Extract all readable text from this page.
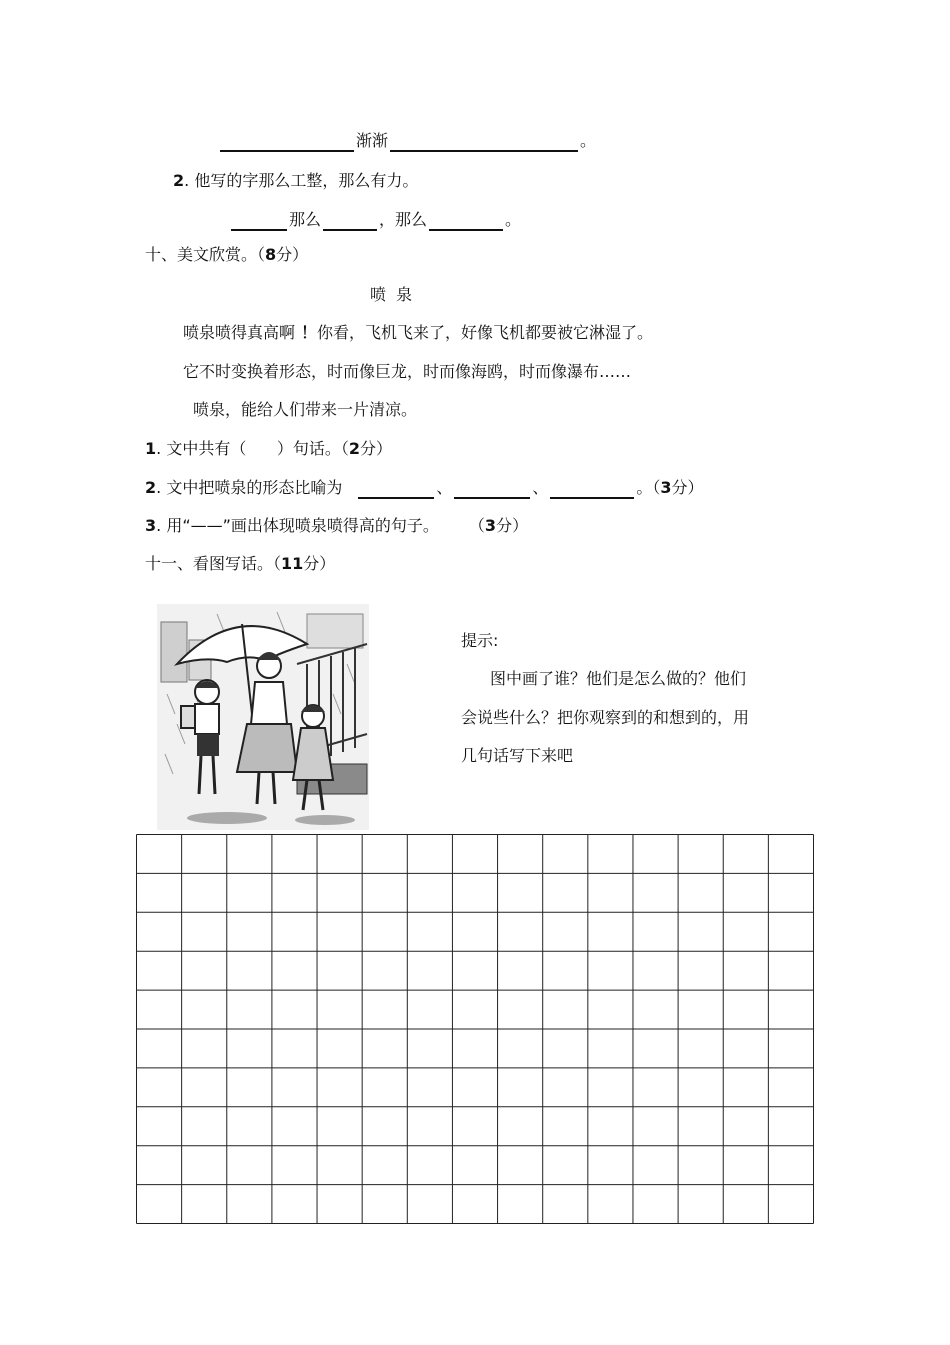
渐渐	。
2 . 他写的字那么工整，那么有力。
那么	，那么	。
十、美文欣赏。（ 8 分）
喷  泉
喷泉喷得真高啊 ！ 你看，飞机飞来了，好像飞机都要被它淋湿了。
它不时变换着形态，时而像巨龙，时而像海鸥，时而像瀑布……
喷泉，能给人们带来一片清凉。
1 . 文中共有（      ）句话。（ 2 分）
2 . 文中把喷泉的形态比喻为	、	、	。（ 3 分）
3 . 用“——”画出体现喷泉喷得高的句子。 （ 3 分）
十一、看图写话。（ 11 分）
提示:
图中画了谁？他们是怎么做的？他们
会说些什么？把你观察到的和想到的，用
几句话写下来吧
